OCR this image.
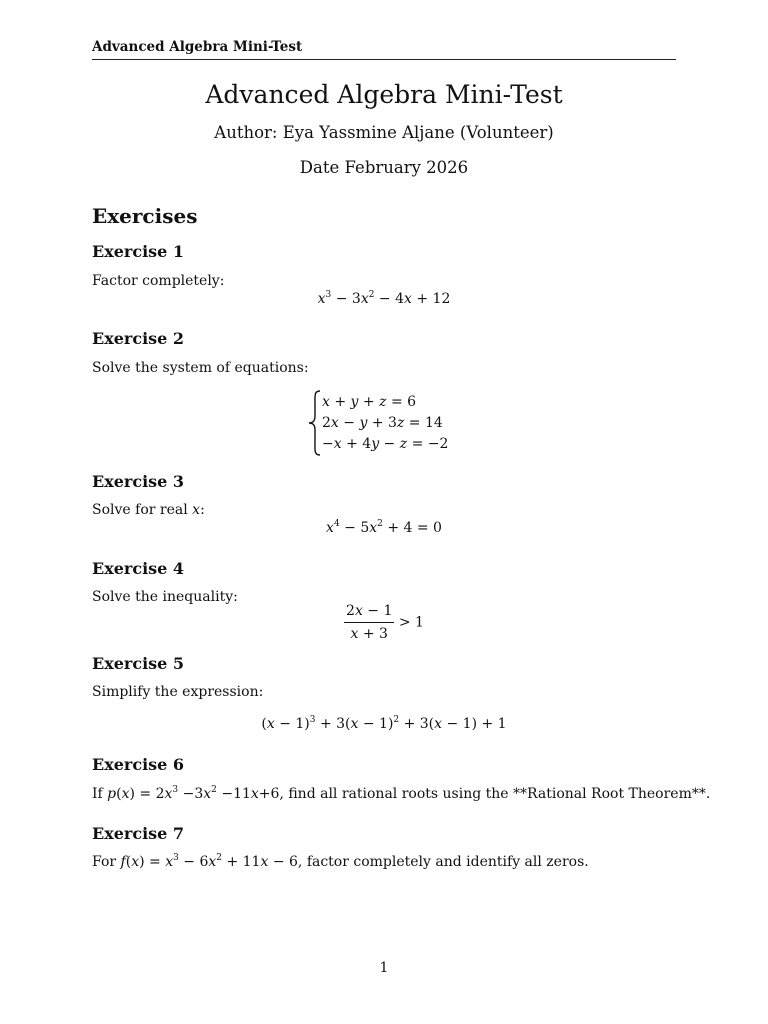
Advanced Algebra Mini-Test
Advanced Algebra Mini-Test
Author: Eya Yassmine Aljane (Volunteer)
Date February 2026
Exercises
Exercise 1
Factor completely:
$x^3 - 3x^2 - 4x + 12$
Exercise 2
Solve the system of equations:
x + y + z = 6
2x − y + 3z = 14
−x + 4y − z = −2
Exercise 3
Solve for real x:
$x^4 - 5x^2 + 4 = 0$
Exercise 4
Solve the inequality:
$\frac{2x - 1}{x + 3} > 1$
Exercise 5
Simplify the expression:
$(x - 1)^3 + 3(x - 1)^2 + 3(x - 1) + 1$
Exercise 6
If $p(x) = 2x^3 -3x^2 -11x+6$, find all rational roots using the **Rational Root Theorem**.
Exercise 7
For $f(x) = x^3 - 6x^2 + 11x - 6$, factor completely and identify all zeros.
1
